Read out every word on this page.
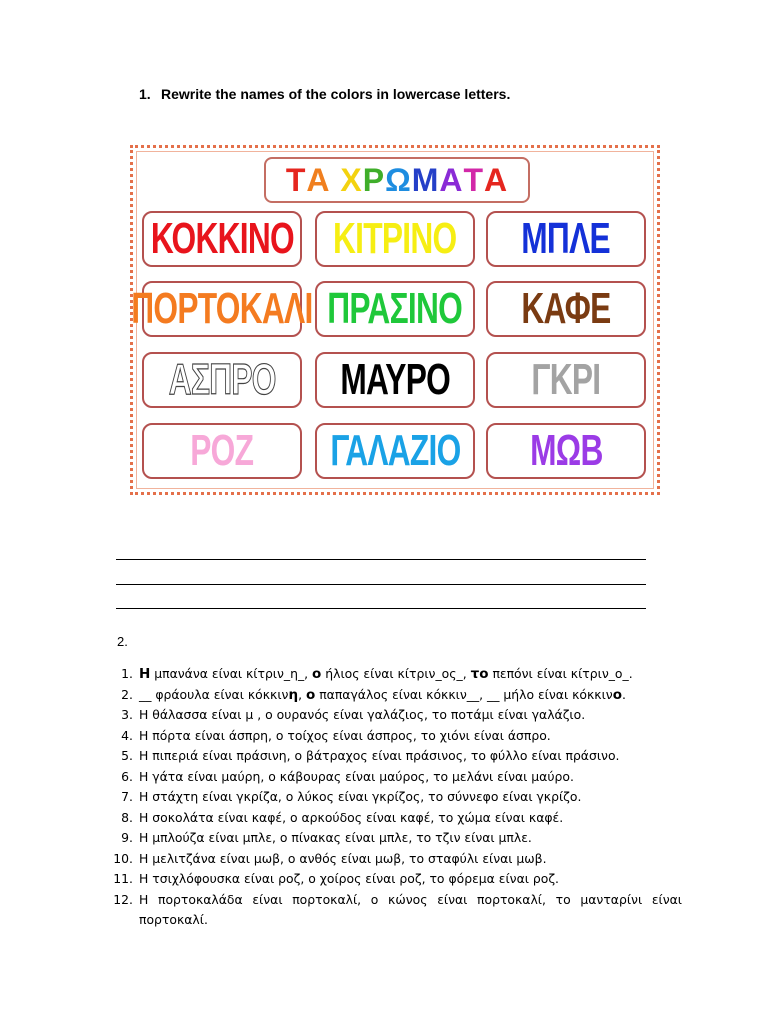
1. Rewrite the names of the colors in lowercase letters.
Τ Α
Χ Ρ Ω Μ Α Τ Α
ΚΟΚΚΙΝΟ ΚΙΤΡΙΝΟ ΜΠΛΕ
ΠΟΡΤΟΚΑΛΙ ΠΡΑΣΙΝΟ ΚΑΦΕ
ΑΣΠΡΟ ΜΑΥΡΟ ΓΚΡΙ
ΡΟΖ ΓΑΛΑΖΙΟ ΜΩΒ
2.
1. Η μπανάνα είναι κίτριν_η_, ο ήλιος είναι κίτριν_ος_, το πεπόνι είναι κίτριν_ο_.
2. __ φράουλα είναι κόκκινη, ο παπαγάλος είναι κόκκιν__, __ μήλο είναι κόκκινο.
3. Η θάλασσα είναι μ , ο ουρανός είναι γαλάζιος, το ποτάμι είναι γαλάζιο.
4. Η πόρτα είναι άσπρη, ο τοίχος είναι άσπρος, το χιόνι είναι άσπρο.
5. Η πιπεριά είναι πράσινη, ο βάτραχος είναι πράσινος, το φύλλο είναι πράσινο.
6. Η γάτα είναι μαύρη, ο κάβουρας είναι μαύρος, το μελάνι είναι μαύρο.
7. Η στάχτη είναι γκρίζα, ο λύκος είναι γκρίζος, το σύννεφο είναι γκρίζο.
8. Η σοκολάτα είναι καφέ, ο αρκούδος είναι καφέ, το χώμα είναι καφέ.
9. Η μπλούζα είναι μπλε, ο πίνακας είναι μπλε, το τζιν είναι μπλε.
10. Η μελιτζάνα είναι μωβ, ο ανθός είναι μωβ, το σταφύλι είναι μωβ.
11. Η τσιχλόφουσκα είναι ροζ, ο χοίρος είναι ροζ, το φόρεμα είναι ροζ.
12. Η πορτοκαλάδα είναι πορτοκαλί, ο κώνος είναι πορτοκαλί, το μανταρίνι είναι πορτοκαλί.
